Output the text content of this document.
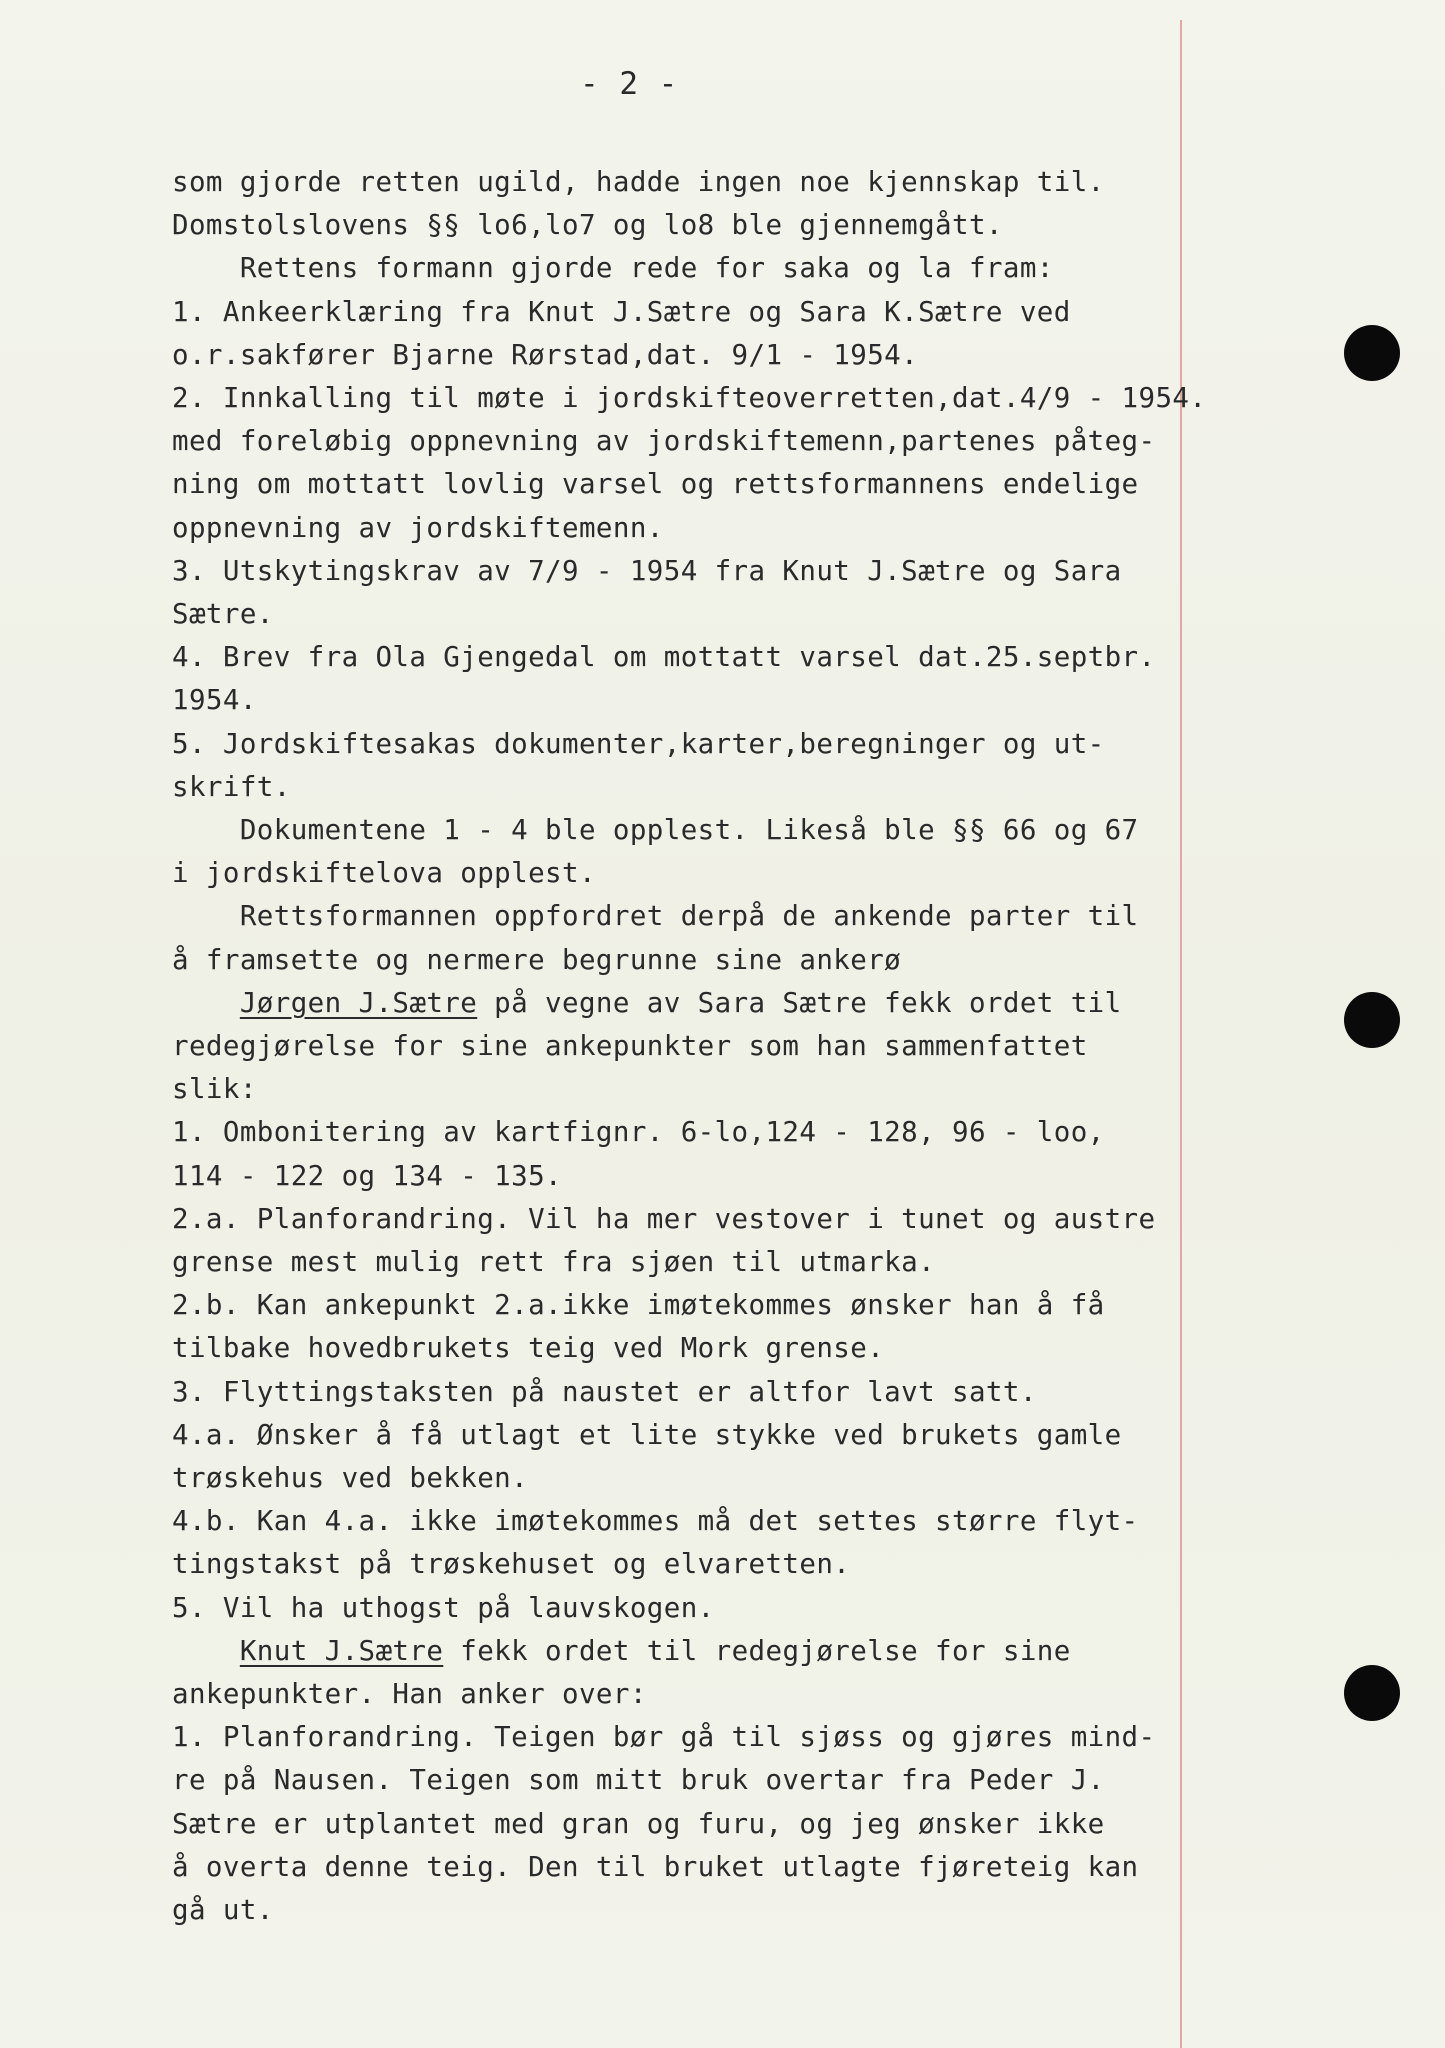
- 2 -
som gjorde retten ugild, hadde ingen noe kjennskap til.
Domstolslovens §§ lo6,lo7 og lo8 ble gjennemgått.
Rettens formann gjorde rede for saka og la fram:
1. Ankeerklæring fra Knut J.Sætre og Sara K.Sætre ved
o.r.sakfører Bjarne Rørstad,dat. 9/1 - 1954.
2. Innkalling til møte i jordskifteoverretten,dat.4/9 - 1954.
med foreløbig oppnevning av jordskiftemenn,partenes påteg-
ning om mottatt lovlig varsel og rettsformannens endelige
oppnevning av jordskiftemenn.
3. Utskytingskrav av 7/9 - 1954 fra Knut J.Sætre og Sara
Sætre.
4. Brev fra Ola Gjengedal om mottatt varsel dat.25.septbr.
1954.
5. Jordskiftesakas dokumenter,karter,beregninger og ut-
skrift.
Dokumentene 1 - 4 ble opplest. Likeså ble §§ 66 og 67
i jordskiftelova opplest.
Rettsformannen oppfordret derpå de ankende parter til
å framsette og nermere begrunne sine ankerø
Jørgen J.Sætre på vegne av Sara Sætre fekk ordet til
redegjørelse for sine ankepunkter som han sammenfattet
slik:
1. Ombonitering av kartfignr. 6-lo,124 - 128, 96 - loo,
114 - 122 og 134 - 135.
2.a. Planforandring. Vil ha mer vestover i tunet og austre
grense mest mulig rett fra sjøen til utmarka.
2.b. Kan ankepunkt 2.a.ikke imøtekommes ønsker han å få
tilbake hovedbrukets teig ved Mork grense.
3. Flyttingstaksten på naustet er altfor lavt satt.
4.a. Ønsker å få utlagt et lite stykke ved brukets gamle
trøskehus ved bekken.
4.b. Kan 4.a. ikke imøtekommes må det settes større flyt-
tingstakst på trøskehuset og elvaretten.
5. Vil ha uthogst på lauvskogen.
Knut J.Sætre fekk ordet til redegjørelse for sine
ankepunkter. Han anker over:
1. Planforandring. Teigen bør gå til sjøss og gjøres mind-
re på Nausen. Teigen som mitt bruk overtar fra Peder J.
Sætre er utplantet med gran og furu, og jeg ønsker ikke
å overta denne teig. Den til bruket utlagte fjøreteig kan
gå ut.
